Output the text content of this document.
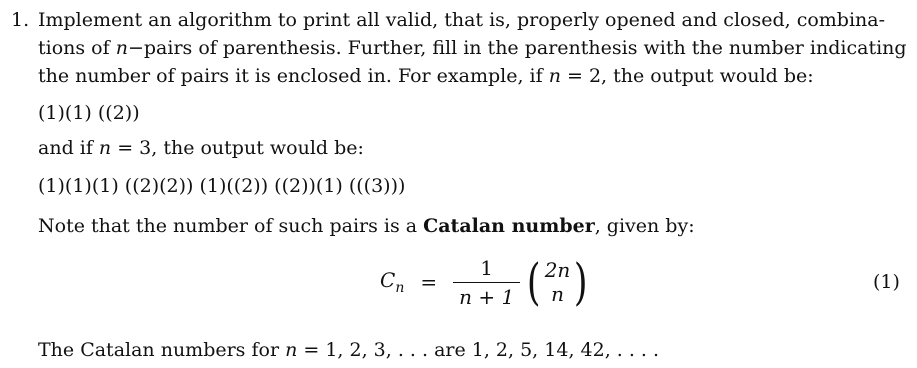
1. Implement an algorithm to print all valid, that is, properly opened and closed, combina-
tions of n−pairs of parenthesis. Further, fill in the parenthesis with the number indicating
the number of pairs it is enclosed in. For example, if n = 2, the output would be:
(1)(1) ((2))
and if n = 3, the output would be:
(1)(1)(1) ((2)(2)) (1)((2)) ((2))(1) (((3)))
Note that the number of such pairs is a Catalan number, given by:
$C_n = \frac{1}{n + 1}$ ( 2n
n )	(1)
The Catalan numbers for n = 1, 2, 3, . . . are 1, 2, 5, 14, 42, . . . .
